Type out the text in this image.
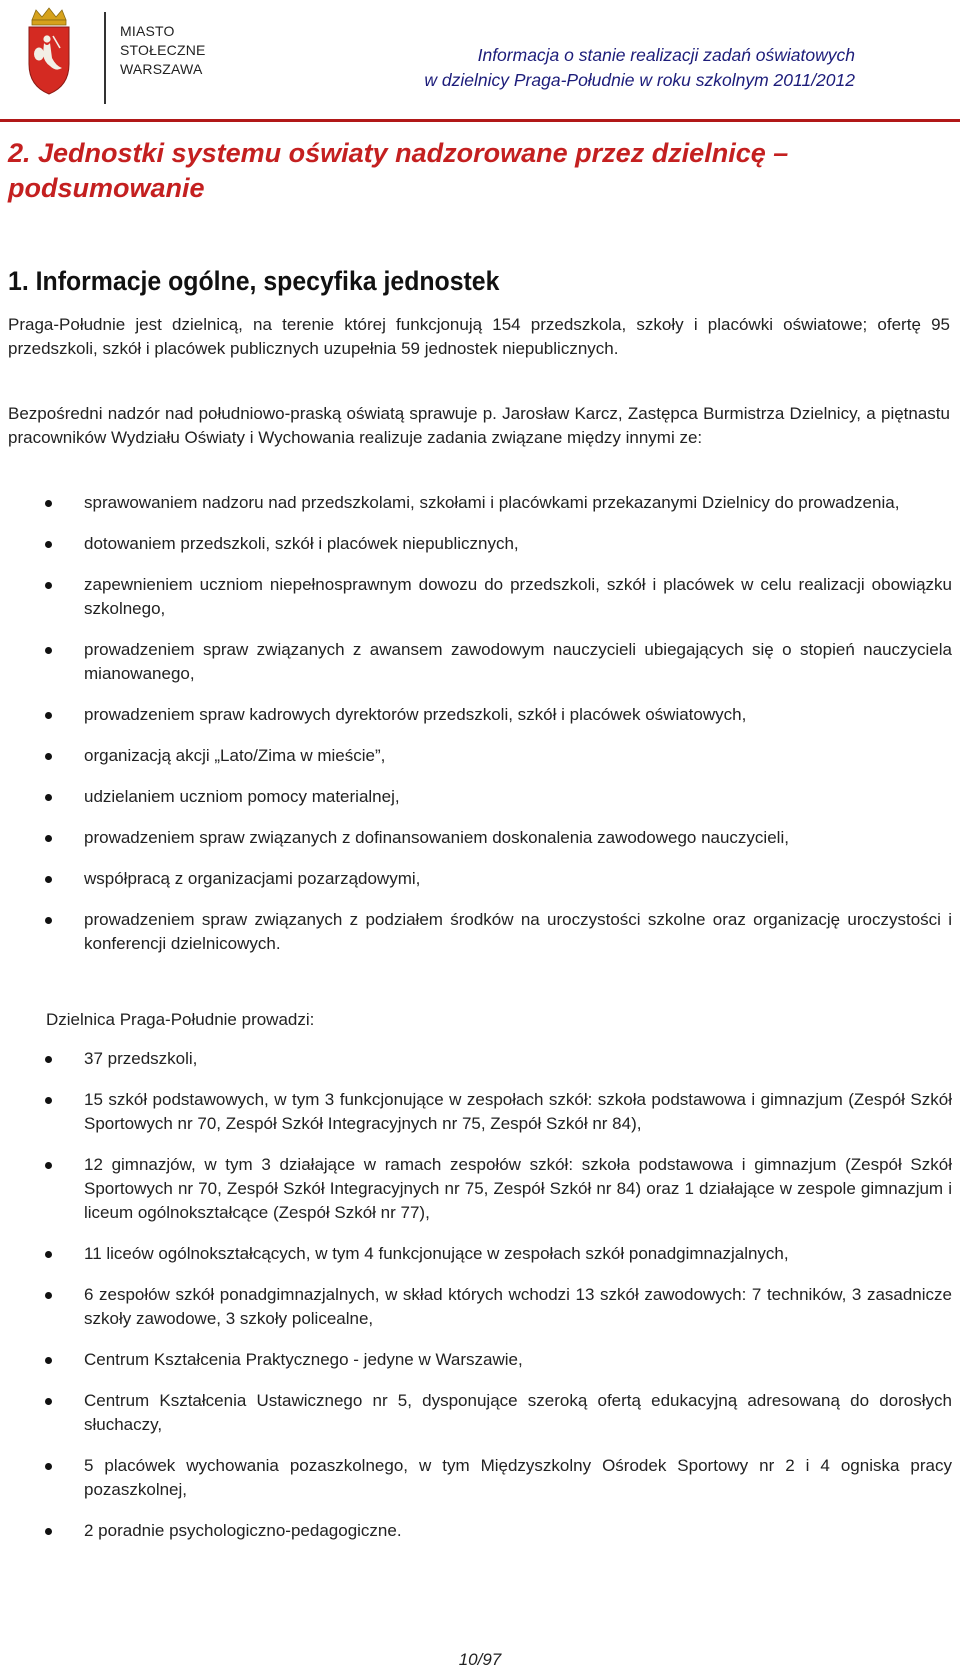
MIASTO
STOŁECZNE
WARSZAWA
Informacja o stanie realizacji zadań oświatowych
w dzielnicy Praga-Południe w roku szkolnym 2011/2012
2. Jednostki systemu oświaty nadzorowane przez dzielnicę – podsumowanie
1. Informacje ogólne, specyfika jednostek
Praga-Południe jest dzielnicą, na terenie której funkcjonują 154 przedszkola, szkoły i placówki oświatowe; ofertę 95 przedszkoli, szkół i placówek publicznych uzupełnia 59 jednostek niepublicznych.
Bezpośredni nadzór nad południowo-praską oświatą sprawuje p. Jarosław Karcz, Zastępca Burmistrza Dzielnicy, a piętnastu pracowników Wydziału Oświaty i Wychowania realizuje zadania związane między innymi ze:
sprawowaniem nadzoru nad przedszkolami, szkołami i placówkami przekazanymi Dzielnicy do prowadzenia,
dotowaniem przedszkoli, szkół i placówek niepublicznych,
zapewnieniem uczniom niepełnosprawnym dowozu do przedszkoli, szkół i placówek w celu realizacji obowiązku szkolnego,
prowadzeniem spraw związanych z awansem zawodowym nauczycieli ubiegających się o stopień nauczyciela mianowanego,
prowadzeniem spraw kadrowych dyrektorów przedszkoli, szkół i placówek oświatowych,
organizacją akcji „Lato/Zima w mieście”,
udzielaniem uczniom pomocy materialnej,
prowadzeniem spraw związanych z dofinansowaniem doskonalenia zawodowego nauczycieli,
współpracą z organizacjami pozarządowymi,
prowadzeniem spraw związanych z podziałem środków na uroczystości szkolne oraz organizację uroczystości i konferencji dzielnicowych.
Dzielnica Praga-Południe prowadzi:
37 przedszkoli,
15 szkół podstawowych, w tym 3 funkcjonujące w zespołach szkół: szkoła podstawowa i gimnazjum (Zespół Szkół Sportowych nr 70, Zespół Szkół Integracyjnych nr 75, Zespół Szkół nr 84),
12 gimnazjów, w tym 3 działające w ramach zespołów szkół: szkoła podstawowa i gimnazjum (Zespół Szkół Sportowych nr 70, Zespół Szkół Integracyjnych nr 75, Zespół Szkół nr 84) oraz 1 działające w zespole gimnazjum i liceum ogólnokształcące (Zespół Szkół nr 77),
11 liceów ogólnokształcących, w tym 4 funkcjonujące w zespołach szkół ponadgimnazjalnych,
6 zespołów szkół ponadgimnazjalnych, w skład których wchodzi 13 szkół zawodowych: 7 techników, 3 zasadnicze szkoły zawodowe, 3 szkoły policealne,
Centrum Kształcenia Praktycznego - jedyne w Warszawie,
Centrum Kształcenia Ustawicznego nr 5, dysponujące szeroką ofertą edukacyjną adresowaną do dorosłych słuchaczy,
5 placówek wychowania pozaszkolnego, w tym Międzyszkolny Ośrodek Sportowy nr 2 i 4 ogniska pracy pozaszkolnej,
2 poradnie psychologiczno-pedagogiczne.
10/97
